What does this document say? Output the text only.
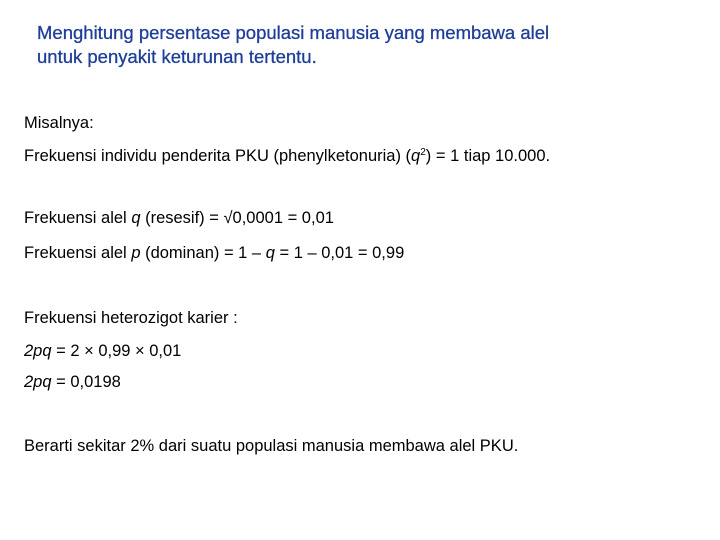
Menghitung persentase populasi manusia yang membawa alel
untuk penyakit keturunan tertentu.
Misalnya:
Frekuensi individu penderita PKU (phenylketonuria) $(q^2) = 1$ tiap 10.000.
Frekuensi alel q (resesif) = √0,0001 = 0,01
Frekuensi alel p (dominan) = 1 – q = 1 – 0,01 = 0,99
Frekuensi heterozigot karier :
2pq = 2 × 0,99 × 0,01
2pq = 0,0198
Berarti sekitar 2% dari suatu populasi manusia membawa alel PKU.
